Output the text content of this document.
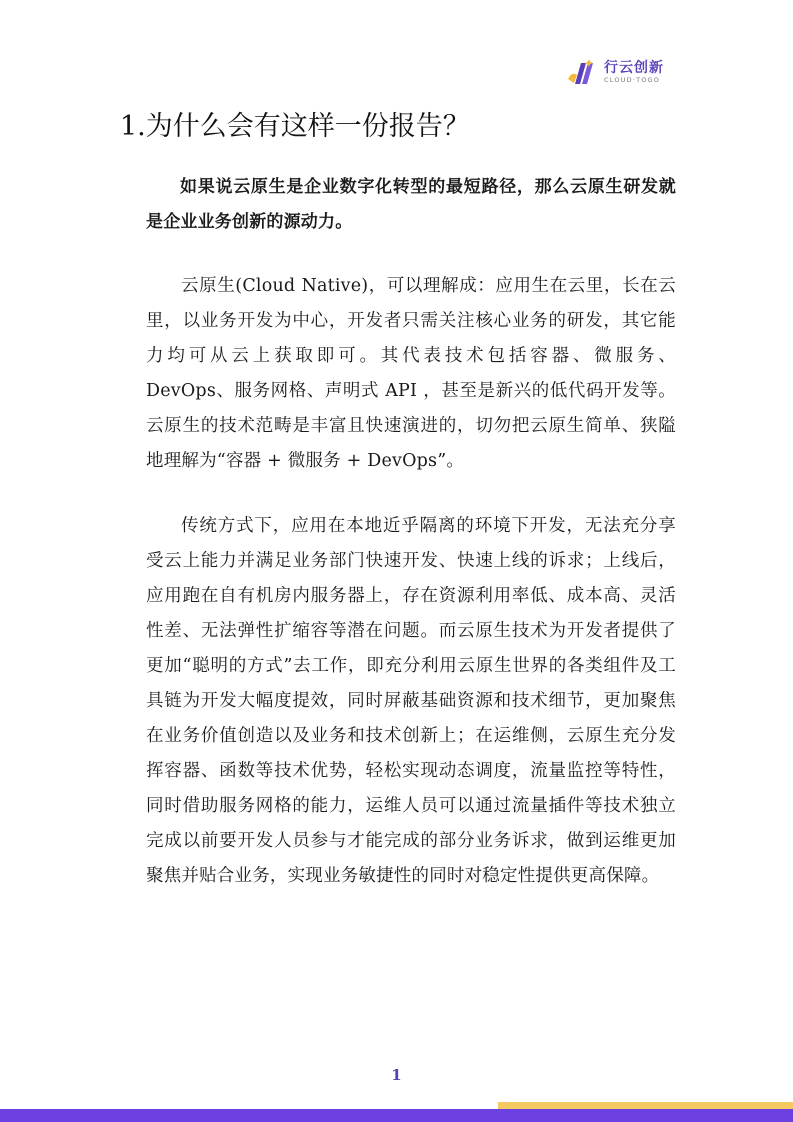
行云创新
CLOUD·TOGO
1.为什么会有这样一份报告？

如果说云原生是企业数字化转型的最短路径，那么云原生研发就是企业业务创新的源动力。

云原生(Cloud Native)，可以理解成：应用生在云里，长在云里，以业务开发为中心，开发者只需关注核心业务的研发，其它能力均可从云上获取即可。其代表技术包括容器、微服务、DevOps、服务网格、声明式 API ，甚至是新兴的低代码开发等。云原生的技术范畴是丰富且快速演进的，切勿把云原生简单、狭隘地理解为“容器 + 微服务 + DevOps”。

传统方式下，应用在本地近乎隔离的环境下开发，无法充分享受云上能力并满足业务部门快速开发、快速上线的诉求；上线后，应用跑在自有机房内服务器上，存在资源利用率低、成本高、灵活性差、无法弹性扩缩容等潜在问题。而云原生技术为开发者提供了更加“聪明的方式”去工作，即充分利用云原生世界的各类组件及工具链为开发大幅度提效，同时屏蔽基础资源和技术细节，更加聚焦在业务价值创造以及业务和技术创新上；在运维侧，云原生充分发挥容器、函数等技术优势，轻松实现动态调度，流量监控等特性，同时借助服务网格的能力，运维人员可以通过流量插件等技术独立完成以前要开发人员参与才能完成的部分业务诉求，做到运维更加聚焦并贴合业务，实现业务敏捷性的同时对稳定性提供更高保障。

1
